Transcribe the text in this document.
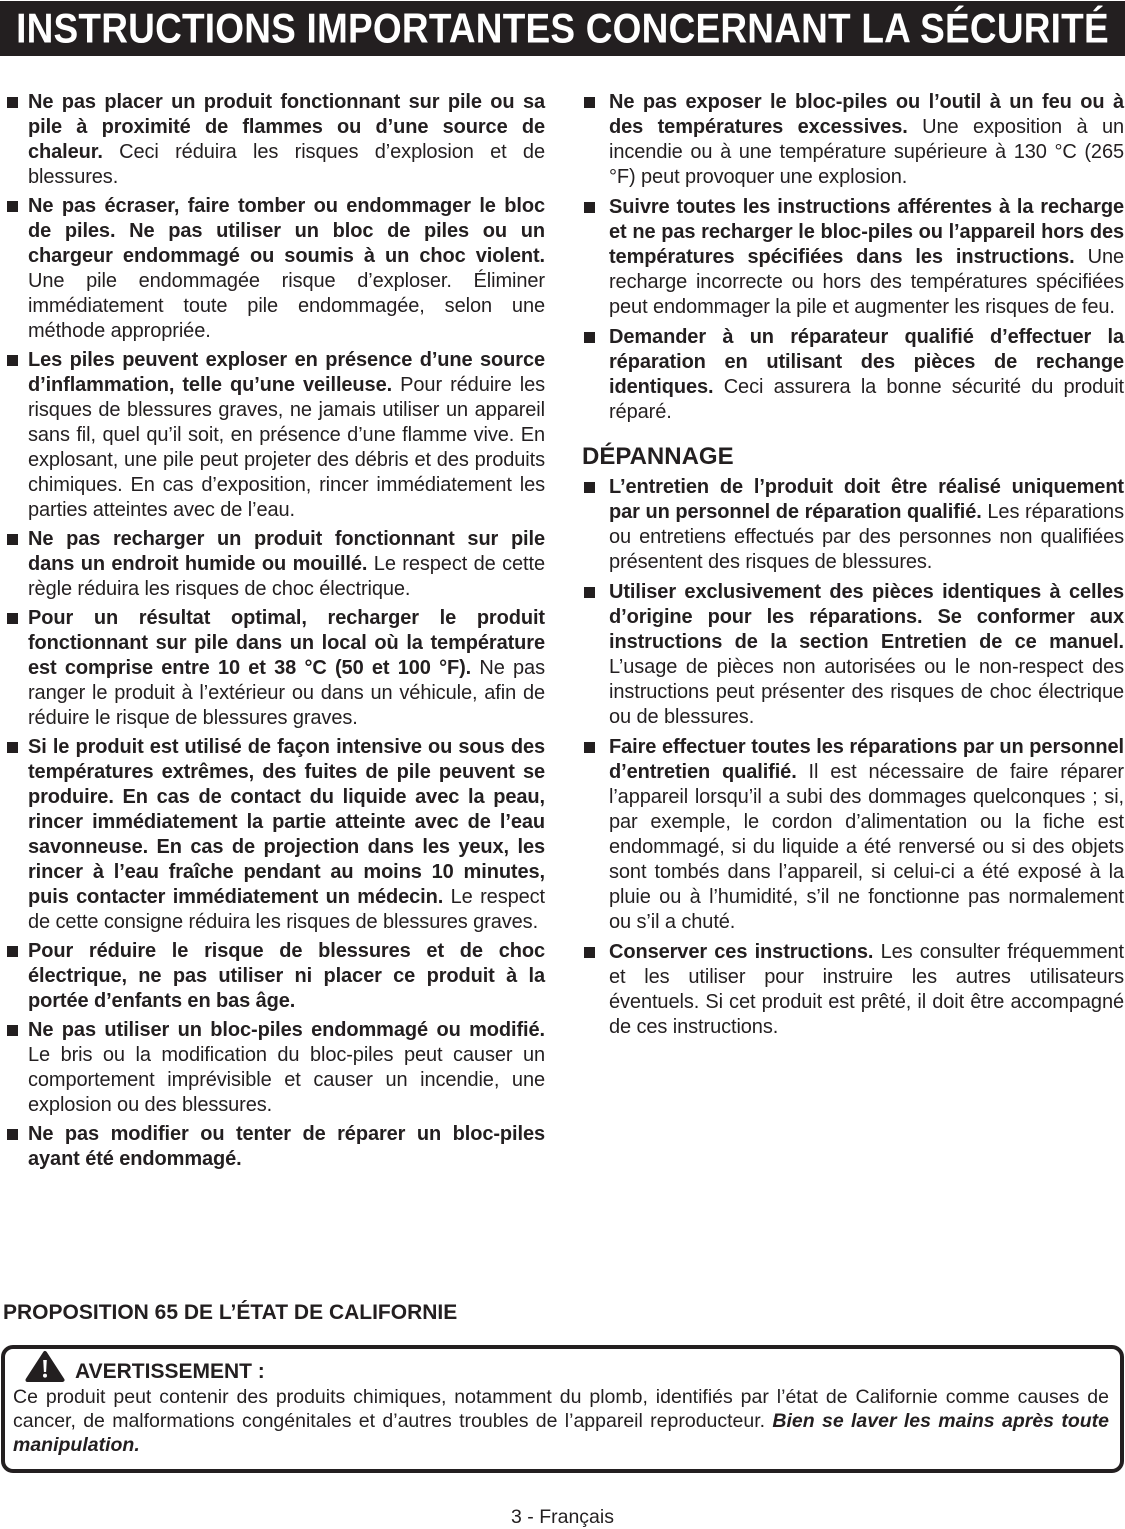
INSTRUCTIONS IMPORTANTES CONCERNANT LA SÉCURITÉ

Ne pas placer un produit fonctionnant sur pile ou sa pile à proximité de flammes ou d’une source de chaleur. Ceci réduira les risques d’explosion et de blessures.

Ne pas écraser, faire tomber ou endommager le bloc de piles. Ne pas utiliser un bloc de piles ou un chargeur endommagé ou soumis à un choc violent. Une pile endommagée risque d’exploser. Éliminer immédiatement toute pile endommagée, selon une méthode appropriée.

Les piles peuvent exploser en présence d’une source d’inflammation, telle qu’une veilleuse. Pour réduire les risques de blessures graves, ne jamais utiliser un appareil sans fil, quel qu’il soit, en présence d’une flamme vive. En explosant, une pile peut projeter des débris et des produits chimiques. En cas d’exposition, rincer immédiatement les parties atteintes avec de l’eau.

Ne pas recharger un produit fonctionnant sur pile dans un endroit humide ou mouillé. Le respect de cette règle réduira les risques de choc électrique.

Pour un résultat optimal, recharger le produit fonctionnant sur pile dans un local où la température est comprise entre 10 et 38 °C (50 et 100 °F). Ne pas ranger le produit à l’extérieur ou dans un véhicule, afin de réduire le risque de blessures graves.

Si le produit est utilisé de façon intensive ou sous des températures extrêmes, des fuites de pile peuvent se produire. En cas de contact du liquide avec la peau, rincer immédiatement la partie atteinte avec de l’eau savonneuse. En cas de projection dans les yeux, les rincer à l’eau fraîche pendant au moins 10 minutes, puis contacter immédiatement un médecin. Le respect de cette consigne réduira les risques de blessures graves.

Pour réduire le risque de blessures et de choc électrique, ne pas utiliser ni placer ce produit à la portée d’enfants en bas âge.

Ne pas utiliser un bloc-piles endommagé ou modifié. Le bris ou la modification du bloc-piles peut causer un comportement imprévisible et causer un incendie, une explosion ou des blessures.

Ne pas modifier ou tenter de réparer un bloc-piles ayant été endommagé.

Ne pas exposer le bloc-piles ou l’outil à un feu ou à des températures excessives. Une exposition à un incendie ou à une température supérieure à 130 °C (265 °F) peut provoquer une explosion.

Suivre toutes les instructions afférentes à la recharge et ne pas recharger le bloc-piles ou l’appareil hors des températures spécifiées dans les instructions. Une recharge incorrecte ou hors des températures spécifiées peut endommager la pile et augmenter les risques de feu.

Demander à un réparateur qualifié d’effectuer la réparation en utilisant des pièces de rechange identiques. Ceci assurera la bonne sécurité du produit réparé.

DÉPANNAGE

L’entretien de l’produit doit être réalisé uniquement par un personnel de réparation qualifié. Les réparations ou entretiens effectués par des personnes non qualifiées présentent des risques de blessures.

Utiliser exclusivement des pièces identiques à celles d’origine pour les réparations. Se conformer aux instructions de la section Entretien de ce manuel. L’usage de pièces non autorisées ou le non-respect des instructions peut présenter des risques de choc électrique ou de blessures.

Faire effectuer toutes les réparations par un personnel d’entretien qualifié. Il est nécessaire de faire réparer l’appareil lorsqu’il a subi des dommages quelconques ; si, par exemple, le cordon d’alimentation ou la fiche est endommagé, si du liquide a été renversé ou si des objets sont tombés dans l’appareil, si celui-ci a été exposé à la pluie ou à l’humidité, s’il ne fonctionne pas normalement ou s’il a chuté.

Conserver ces instructions. Les consulter fréquemment et les utiliser pour instruire les autres utilisateurs éventuels. Si cet produit est prêté, il doit être accompagné de ces instructions.

PROPOSITION 65 DE L’ÉTAT DE CALIFORNIE
AVERTISSEMENT :

Ce produit peut contenir des produits chimiques, notamment du plomb, identifiés par l’état de Californie comme causes de cancer, de malformations congénitales et d’autres troubles de l’appareil reproducteur. Bien se laver les mains après toute manipulation.

3 - Français
